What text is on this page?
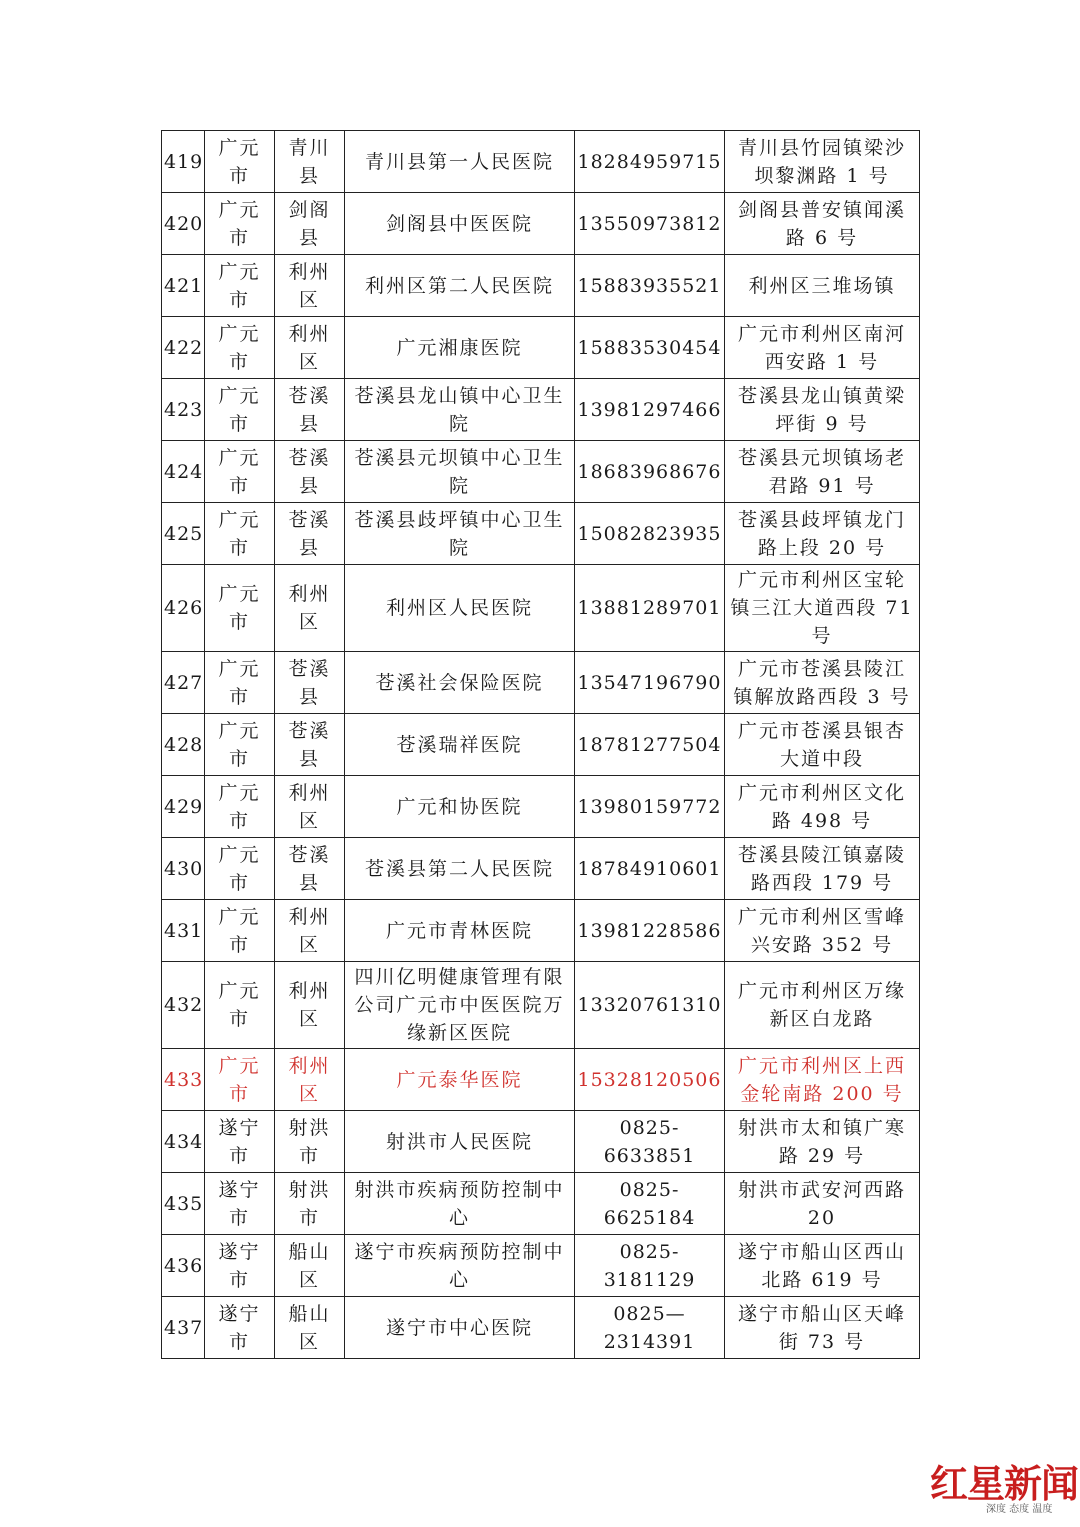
419	广元市	青川县	青川县第一人民医院	18284959715	青川县竹园镇梁沙坝黎渊路 1 号
420	广元市	剑阁县	剑阁县中医医院	13550973812	剑阁县普安镇闻溪路 6 号
421	广元市	利州区	利州区第二人民医院	15883935521	利州区三堆场镇
422	广元市	利州区	广元湘康医院	15883530454	广元市利州区南河西安路 1 号
423	广元市	苍溪县	苍溪县龙山镇中心卫生院	13981297466	苍溪县龙山镇黄梁坪街 9 号
424	广元市	苍溪县	苍溪县元坝镇中心卫生院	18683968676	苍溪县元坝镇场老君路 91 号
425	广元市	苍溪县	苍溪县歧坪镇中心卫生院	15082823935	苍溪县歧坪镇龙门路上段 20 号
426	广元市	利州区	利州区人民医院	13881289701	广元市利州区宝轮镇三江大道西段 71 号
427	广元市	苍溪县	苍溪社会保险医院	13547196790	广元市苍溪县陵江镇解放路西段 3 号
428	广元市	苍溪县	苍溪瑞祥医院	18781277504	广元市苍溪县银杏大道中段
429	广元市	利州区	广元和协医院	13980159772	广元市利州区文化路 498 号
430	广元市	苍溪县	苍溪县第二人民医院	18784910601	苍溪县陵江镇嘉陵路西段 179 号
431	广元市	利州区	广元市青林医院	13981228586	广元市利州区雪峰兴安路 352 号
432	广元市	利州区	四川亿明健康管理有限公司广元市中医医院万缘新区医院	13320761310	广元市利州区万缘新区白龙路
433	广元市	利州区	广元泰华医院	15328120506	广元市利州区上西金轮南路 200 号
434	遂宁市	射洪市	射洪市人民医院	0825-6633851	射洪市太和镇广寒路 29 号
435	遂宁市	射洪市	射洪市疾病预防控制中心	0825-6625184	射洪市武安河西路 20
436	遂宁市	船山区	遂宁市疾病预防控制中心	0825-3181129	遂宁市船山区西山北路 619 号
437	遂宁市	船山区	遂宁市中心医院	0825—2314391	遂宁市船山区天峰街 73 号
红星新闻
深度 态度 温度
